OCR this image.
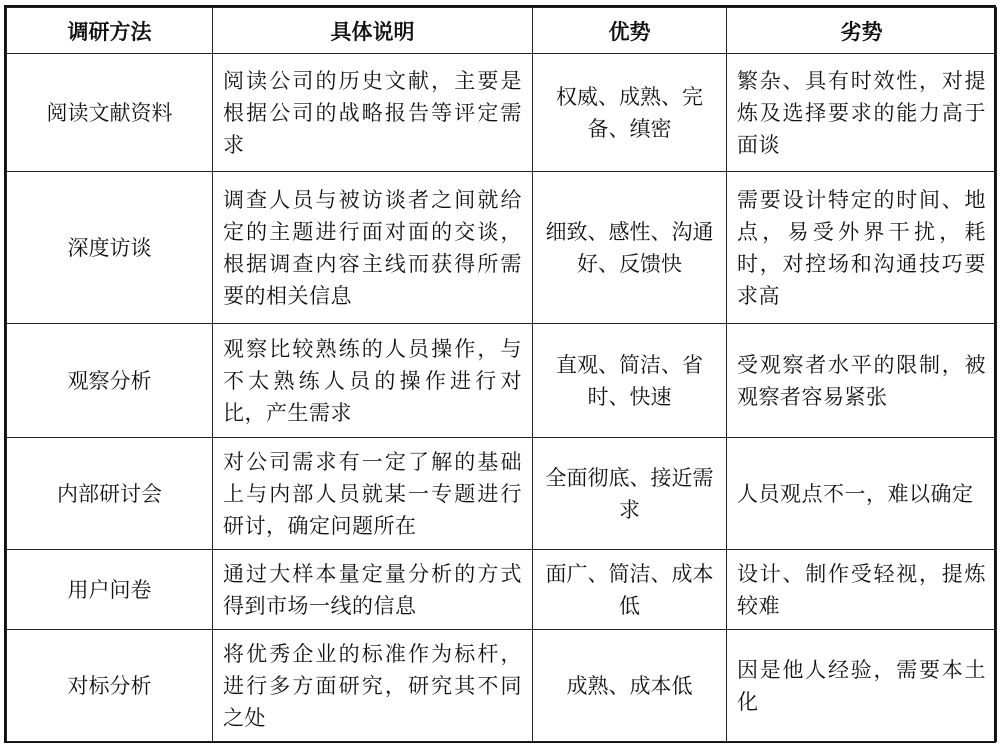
调研方法	具体说明	优势	劣势
阅读文献资料	阅读公司的历史文献，主要是根据公司的战略报告等评定需求	权威、成熟、完备、缜密	繁杂、具有时效性，对提炼及选择要求的能力高于面谈
深度访谈	调查人员与被访谈者之间就给定的主题进行面对面的交谈，根据调查内容主线而获得所需要的相关信息	细致、感性、沟通好、反馈快	需要设计特定的时间、地点，易受外界干扰，耗时，对控场和沟通技巧要求高
观察分析	观察比较熟练的人员操作，与不太熟练人员的操作进行对比，产生需求	直观、简洁、省时、快速	受观察者水平的限制，被观察者容易紧张
内部研讨会	对公司需求有一定了解的基础上与内部人员就某一专题进行研讨，确定问题所在	全面彻底、接近需求	人员观点不一，难以确定
用户问卷	通过大样本量定量分析的方式得到市场一线的信息	面广、简洁、成本低	设计、制作受轻视，提炼较难
对标分析	将优秀企业的标准作为标杆，进行多方面研究，研究其不同之处	成熟、成本低	因是他人经验，需要本土化
